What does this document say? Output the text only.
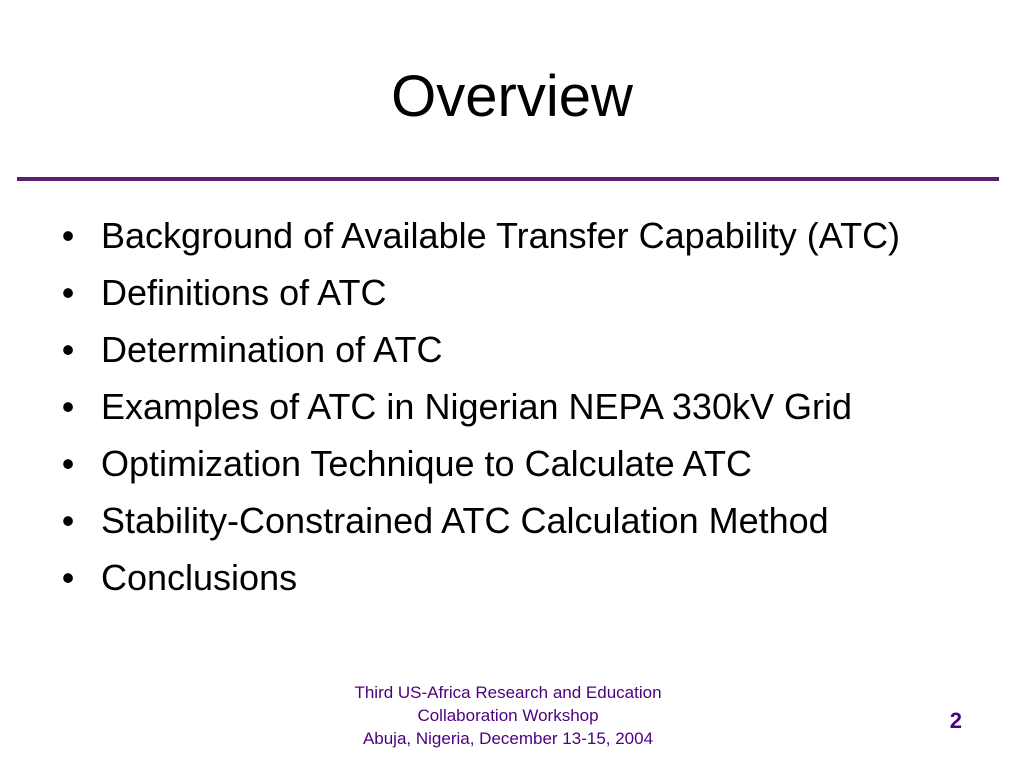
Overview
• Background of Available Transfer Capability (ATC)
• Definitions of ATC
• Determination of ATC
• Examples of ATC in Nigerian NEPA 330kV Grid
• Optimization Technique to Calculate ATC
• Stability-Constrained ATC Calculation Method
• Conclusions
Third US-Africa Research and Education
Collaboration Workshop
Abuja, Nigeria, December 13-15, 2004
2
